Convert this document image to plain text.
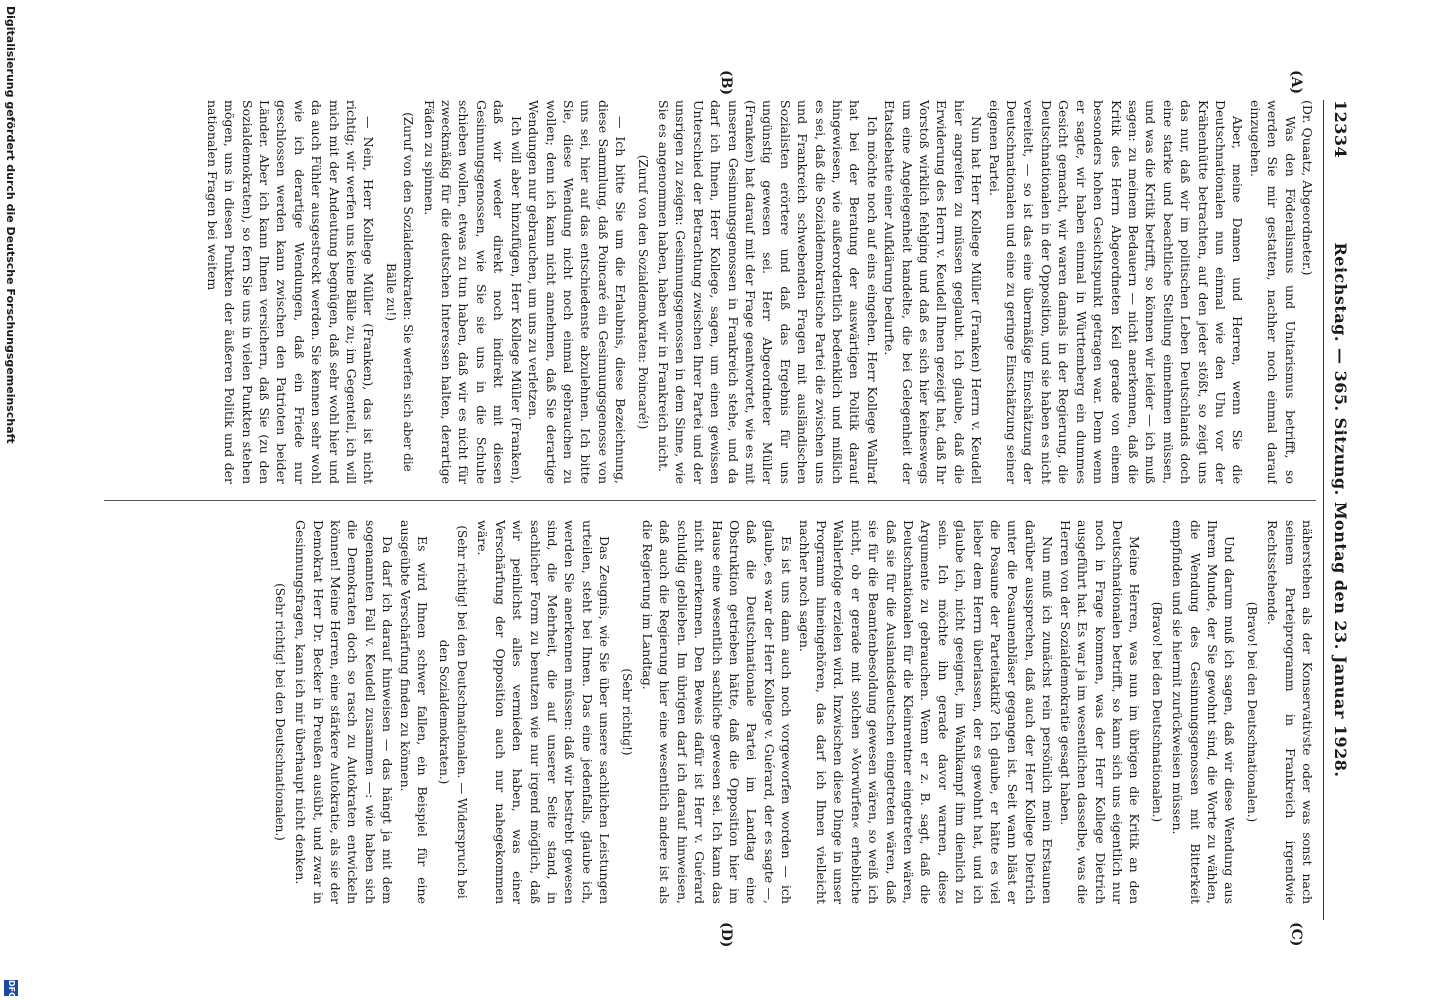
12334
Reichstag. — 365. Sitzung. Montag den 23. Januar 1928.
(A)
(B)
(C)
(D)

(Dr. Quaatz, Abgeordneter.)

Was den Föderalismus und Unitarismus betrifft, so werden Sie mir gestatten, nachher noch einmal darauf einzugehen.

Aber, meine Damen und Herren, wenn Sie die Deutschnationalen nun einmal wie den Uhu vor der Krähenhütte betrachten, auf den jeder stößt, so zeigt uns das nur, daß wir im politischen Leben Deutschlands doch eine starke und beachtliche Stellung einnehmen müssen, und was die Kritik betrifft, so können wir leider — ich muß sagen: zu meinem Bedauern — nicht anerkennen, daß die Kritik des Herrn Abgeordneten Keil gerade von einem besonders hohen Gesichtspunkt getragen war. Denn wenn er sagte, wir haben einmal in Württemberg ein dummes Gesicht gemacht, wir waren damals in der Regierung, die Deutschnationalen in der Opposition, und sie haben es nicht vereitelt, — so ist das eine übermäßige Einschätzung der Deutschnationalen und eine zu geringe Einschätzung seiner eigenen Partei.

Nun hat Herr Kollege Müller (Franken) Herrn v. Keudell hier angreifen zu müssen geglaubt. Ich glaube, daß die Erwiderung des Herrn v. Keudell Ihnen gezeigt hat, daß Ihr Vorstoß wirklich fehlging und daß es sich hier keineswegs um eine Angelegenheit handelte, die bei Gelegenheit der Etatsdebatte einer Aufklärung bedurfte.

Ich möchte noch auf eins eingehen. Herr Kollege Wallraf hat bei der Beratung der auswärtigen Politik darauf hingewiesen, wie außerordentlich bedenklich und mißlich es sei, daß die Sozialdemokratische Partei die zwischen uns und Frankreich schwebenden Fragen mit ausländischen Sozialisten erörtere und daß das Ergebnis für uns ungünstig gewesen sei. Herr Abgeordneter Müller (Franken) hat darauf mit der Frage geantwortet, wie es mit unseren Gesinnungsgenossen in Frankreich stehe, und da darf ich Ihnen, Herr Kollege, sagen, um einen gewissen Unterschied der Betrachtung zwischen Ihrer Partei und der unsrigen zu zeigen: Gesinnungsgenossen in dem Sinne, wie Sie es angenommen haben, haben wir in Frankreich nicht.

(Zuruf von den Sozialdemokraten: Poincaré!)

— Ich bitte Sie um die Erlaubnis, diese Bezeichnung, diese Sammlung, daß Poincaré ein Gesinnungsgenosse von uns sei, hier auf das entschiedenste abzulehnen. Ich bitte Sie, diese Wendung nicht noch einmal gebrauchen zu wollen; denn ich kann nicht annehmen, daß Sie derartige Wendungen nur gebrauchen, um uns zu verletzen.

Ich will aber hinzufügen, Herr Kollege Müller (Franken), daß wir weder direkt noch indirekt mit diesen Gesinnungsgenossen, wie Sie sie uns in die Schuhe schieben wollen, etwas zu tun haben, daß wir es nicht für zweckmäßig für die deutschen Interessen halten, derartige Fäden zu spinnen.

(Zuruf von den Sozialdemokraten: Sie werfen sich aber die Bälle zu!)

— Nein, Herr Kollege Müller (Franken), das ist nicht richtig; wir werfen uns keine Bälle zu; im Gegenteil, ich will mich mit der Andeutung begnügen, daß sehr wohl hier und da auch Fühler ausgestreckt werden. Sie kennen sehr wohl wie ich derartige Wendungen, daß ein Friede nur geschlossen werden kann zwischen den Patrioten beider Länder. Aber ich kann Ihnen versichern, daß Sie (zu den Sozialdemokraten), so fern Sie uns in vielen Punkten stehen mögen, uns in diesen Punkten der äußeren Politik und der nationalen Fragen bei weitem

näherstehen als der Konservativste oder was sonst nach seinem Parteiprogramm in Frankreich irgendwie Rechtsstehende.

(Bravo! bei den Deutschnationalen.)

Und darum muß ich sagen, daß wir diese Wendung aus Ihrem Munde, der Sie gewohnt sind, die Worte zu wählen, die Wendung des Gesinnungsgenossen mit Bitterkeit empfinden und sie hiermit zurückweisen müssen.

(Bravo! bei den Deutschnationalen.)

Meine Herren, was nun im übrigen die Kritik an den Deutschnationalen betrifft, so kann sich uns eigentlich nur noch in Frage kommen, was der Herr Kollege Dietrich ausgeführt hat. Es war ja im wesentlichen dasselbe, was die Herren von der Sozialdemokratie gesagt haben.

Nun muß ich zunächst rein persönlich mein Erstaunen darüber aussprechen, daß auch der Herr Kollege Dietrich unter die Posaunenbläser gegangen ist. Seit wann bläst er die Posaune der Parteitaktik? Ich glaube, er hätte es viel lieber dem Herrn überlassen, der es gewohnt hat, und ich glaube ich, nicht geeignet, im Wahlkampf ihm dienlich zu sein. Ich möchte ihn gerade davor warnen, diese Argumente zu gebrauchen. Wenn er z. B. sagt, daß die Deutschnationalen für die Kleinrentner eingetreten wären, daß sie für die Auslandsdeutschen eingetreten wären, daß sie für die Beamtenbesoldung gewesen wären, so weiß ich nicht, ob er gerade mit solchen »Vorwürfen« erhebliche Wahlerfolge erzielen wird. Inzwischen diese Dinge in unser Programm hineingehören, das darf ich Ihnen vielleicht nachher noch sagen.

Es ist uns dann auch noch vorgeworfen worden — ich glaube, es war der Herr Kollege v. Guérard, der es sagte —, daß die Deutschnationale Partei im Landtag eine Obstruktion getrieben hätte, daß die Opposition hier im Hause eine wesentlich sachliche gewesen sei. Ich kann das nicht anerkennen. Den Beweis dafür ist Herr v. Guérard schuldig geblieben. Im übrigen darf ich darauf hinweisen, daß auch die Regierung hier eine wesentlich andere ist als die Regierung im Landtag.

(Sehr richtig!)

Das Zeugnis, wie Sie über unsere sachlichen Leistungen urteilen, steht bei Ihnen. Das eine jedenfalls, glaube ich, werden Sie anerkennen müssen: daß wir bestrebt gewesen sind, die Mehrheit, die auf unserer Seite stand, in sachlicher Form zu benutzen wie nur irgend möglich, daß wir peinlichst alles vermieden haben, was einer Verschärfung der Opposition auch nur nahegekommen wäre.

(Sehr richtig! bei den Deutschnationalen. — Widerspruch bei den Sozialdemokraten.)

Es wird Ihnen schwer fallen, ein Beispiel für eine ausgeübte Verschärfung finden zu können.

Da darf ich darauf hinweisen — das hängt ja mit dem sogenannten Fall v. Keudell zusammen —: wie haben sich die Demokraten doch so rasch zu Autokraten entwickeln können! Meine Herren, eine stärkere Autokratie, als sie der Demokrat Herr Dr. Becker in Preußen ausübt, und zwar in Gesinnungsfragen, kann ich mir überhaupt nicht denken.

(Sehr richtig! bei den Deutschnationalen.)

Digitalisierung gefördert durch die Deutsche Forschungsgemeinschaft
DFG
